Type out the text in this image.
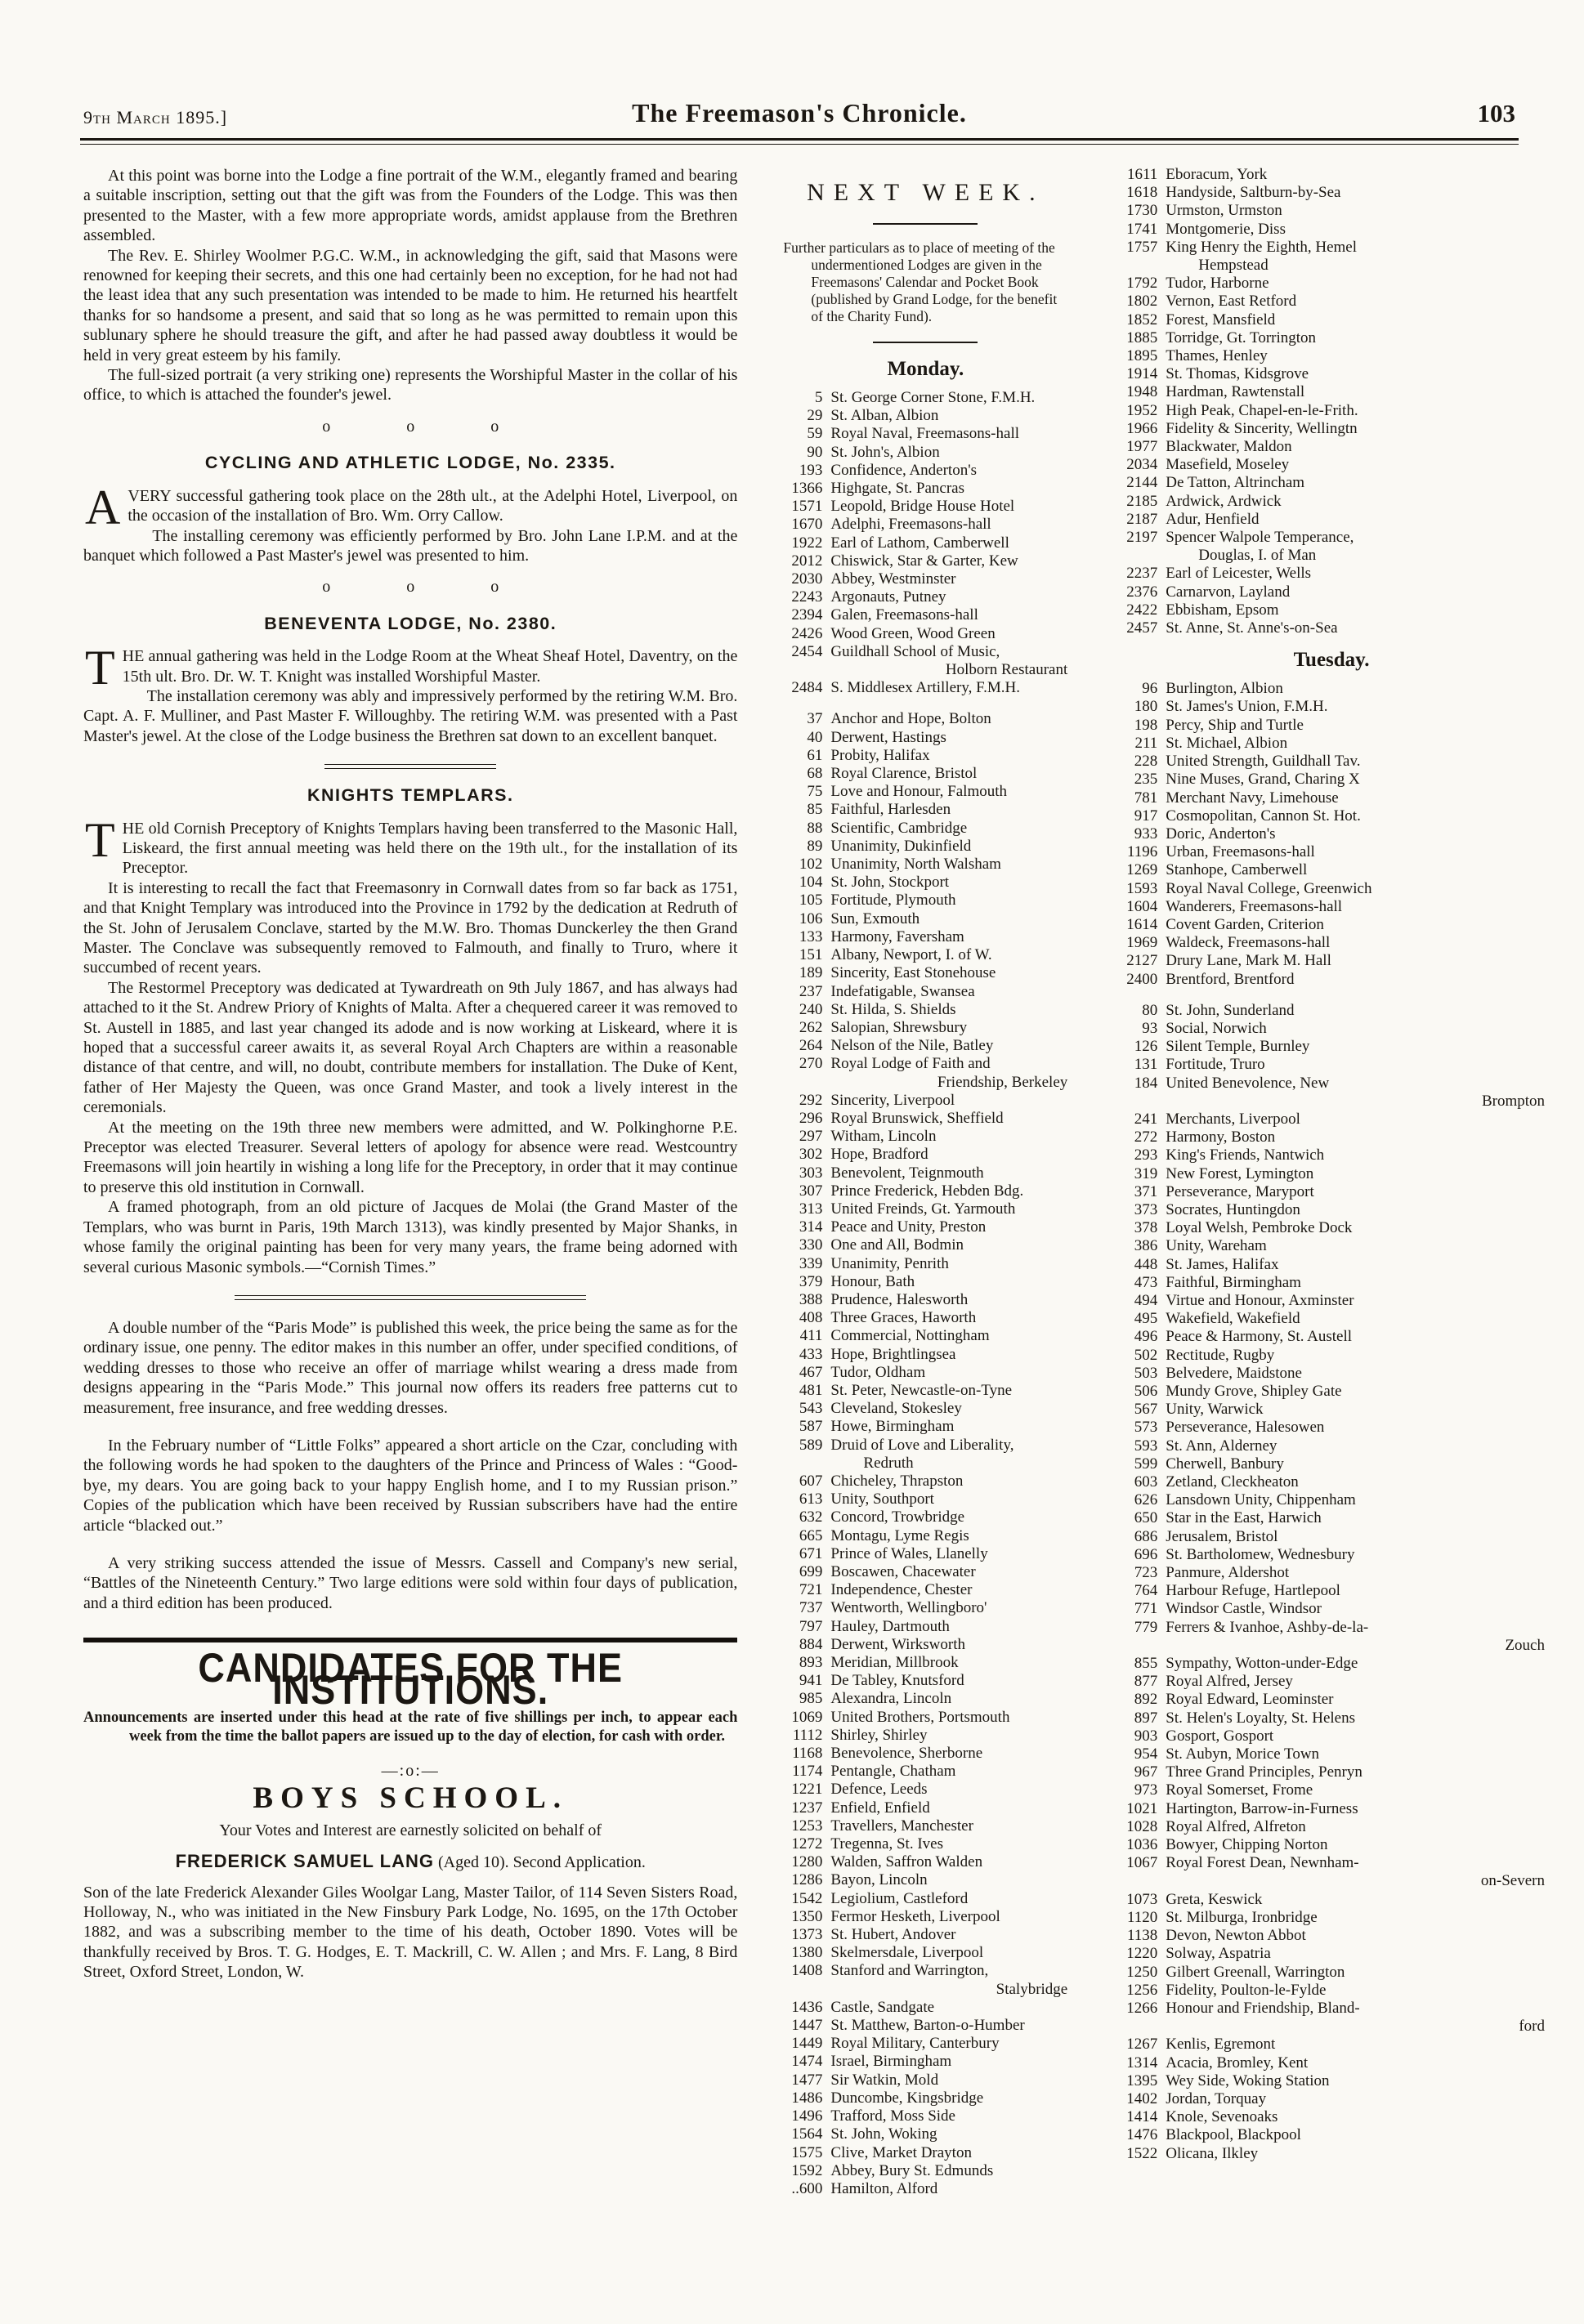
9th March 1895.]	The Freemason's Chronicle.	103
At this point was borne into the Lodge a fine portrait of the W.M., elegantly framed and bearing a suitable inscription, setting out that the gift was from the Founders of the Lodge. This was then presented to the Master, with a few more appropriate words, amidst applause from the Brethren assembled.
The Rev. E. Shirley Woolmer P.G.C. W.M., in acknowledging the gift, said that Masons were renowned for keeping their secrets, and this one had certainly been no exception, for he had not had the least idea that any such presentation was intended to be made to him. He returned his heartfelt thanks for so handsome a present, and said that so long as he was permitted to remain upon this sublunary sphere he should treasure the gift, and after he had passed away doubtless it would be held in very great esteem by his family.
The full-sized portrait (a very striking one) represents the Worshipful Master in the collar of his office, to which is attached the founder's jewel.
o o o
CYCLING AND ATHLETIC LODGE, No. 2335.
AVERY successful gathering took place on the 28th ult., at the Adelphi Hotel, Liverpool, on the occasion of the installation of Bro. Wm. Orry Callow.
The installing ceremony was efficiently performed by Bro. John Lane I.P.M. and at the banquet which followed a Past Master's jewel was presented to him.
o o o
BENEVENTA LODGE, No. 2380.
THE annual gathering was held in the Lodge Room at the Wheat Sheaf Hotel, Daventry, on the 15th ult. Bro. Dr. W. T. Knight was installed Worshipful Master.
The installation ceremony was ably and impressively performed by the retiring W.M. Bro. Capt. A. F. Mulliner, and Past Master F. Willoughby. The retiring W.M. was presented with a Past Master's jewel. At the close of the Lodge business the Brethren sat down to an excellent banquet.
KNIGHTS TEMPLARS.
THE old Cornish Preceptory of Knights Templars having been transferred to the Masonic Hall, Liskeard, the first annual meeting was held there on the 19th ult., for the installation of its Preceptor.
It is interesting to recall the fact that Freemasonry in Cornwall dates from so far back as 1751, and that Knight Templary was introduced into the Province in 1792 by the dedication at Redruth of the St. John of Jerusalem Conclave, started by the M.W. Bro. Thomas Dunckerley the then Grand Master. The Conclave was subsequently removed to Falmouth, and finally to Truro, where it succumbed of recent years.
The Restormel Preceptory was dedicated at Tywardreath on 9th July 1867, and has always had attached to it the St. Andrew Priory of Knights of Malta. After a chequered career it was removed to St. Austell in 1885, and last year changed its adode and is now working at Liskeard, where it is hoped that a successful career awaits it, as several Royal Arch Chapters are within a reasonable distance of that centre, and will, no doubt, contribute members for installation. The Duke of Kent, father of Her Majesty the Queen, was once Grand Master, and took a lively interest in the ceremonials.
At the meeting on the 19th three new members were admitted, and W. Polkinghorne P.E. Preceptor was elected Treasurer. Several letters of apology for absence were read. Westcountry Freemasons will join heartily in wishing a long life for the Preceptory, in order that it may continue to preserve this old institution in Cornwall.
A framed photograph, from an old picture of Jacques de Molai (the Grand Master of the Templars, who was burnt in Paris, 19th March 1313), was kindly presented by Major Shanks, in whose family the original painting has been for very many years, the frame being adorned with several curious Masonic symbols.—“Cornish Times.”
A double number of the “Paris Mode” is published this week, the price being the same as for the ordinary issue, one penny. The editor makes in this number an offer, under specified conditions, of wedding dresses to those who receive an offer of marriage whilst wearing a dress made from designs appearing in the “Paris Mode.” This journal now offers its readers free patterns cut to measurement, free insurance, and free wedding dresses.
In the February number of “Little Folks” appeared a short article on the Czar, concluding with the following words he had spoken to the daughters of the Prince and Princess of Wales : “Good-bye, my dears. You are going back to your happy English home, and I to my Russian prison.” Copies of the publication which have been received by Russian subscribers have had the entire article “blacked out.”
A very striking success attended the issue of Messrs. Cassell and Company's new serial, “Battles of the Nineteenth Century.” Two large editions were sold within four days of publication, and a third edition has been produced.
CANDIDATES FOR THE INSTITUTIONS.
Announcements are inserted under this head at the rate of five shillings per inch, to appear each week from the time the ballot papers are issued up to the day of election, for cash with order.
—:o:—
BOYS SCHOOL.
Your Votes and Interest are earnestly solicited on behalf of
FREDERICK SAMUEL LANG (Aged 10). Second Application.
Son of the late Frederick Alexander Giles Woolgar Lang, Master Tailor, of 114 Seven Sisters Road, Holloway, N., who was initiated in the New Finsbury Park Lodge, No. 1695, on the 17th October 1882, and was a subscribing member to the time of his death, October 1890. Votes will be thankfully received by Bros. T. G. Hodges, E. T. Mackrill, C. W. Allen ; and Mrs. F. Lang, 8 Bird Street, Oxford Street, London, W.
NEXT WEEK.
Further particulars as to place of meeting of the undermentioned Lodges are given in the Freemasons' Calendar and Pocket Book (published by Grand Lodge, for the benefit of the Charity Fund).
Monday.
5 St. George Corner Stone, F.M.H.
29 St. Alban, Albion
59 Royal Naval, Freemasons-hall
90 St. John's, Albion
193 Confidence, Anderton's
1366 Highgate, St. Pancras
1571 Leopold, Bridge House Hotel
1670 Adelphi, Freemasons-hall
1922 Earl of Lathom, Camberwell
2012 Chiswick, Star & Garter, Kew
2030 Abbey, Westminster
2243 Argonauts, Putney
2394 Galen, Freemasons-hall
2426 Wood Green, Wood Green
2454 Guildhall School of Music,
Holborn Restaurant
2484 S. Middlesex Artillery, F.M.H.
37 Anchor and Hope, Bolton
40 Derwent, Hastings
61 Probity, Halifax
68 Royal Clarence, Bristol
75 Love and Honour, Falmouth
85 Faithful, Harlesden
88 Scientific, Cambridge
89 Unanimity, Dukinfield
102 Unanimity, North Walsham
104 St. John, Stockport
105 Fortitude, Plymouth
106 Sun, Exmouth
133 Harmony, Faversham
151 Albany, Newport, I. of W.
189 Sincerity, East Stonehouse
237 Indefatigable, Swansea
240 St. Hilda, S. Shields
262 Salopian, Shrewsbury
264 Nelson of the Nile, Batley
270 Royal Lodge of Faith and
Friendship, Berkeley
292 Sincerity, Liverpool
296 Royal Brunswick, Sheffield
297 Witham, Lincoln
302 Hope, Bradford
303 Benevolent, Teignmouth
307 Prince Frederick, Hebden Bdg.
313 United Freinds, Gt. Yarmouth
314 Peace and Unity, Preston
330 One and All, Bodmin
339 Unanimity, Penrith
379 Honour, Bath
388 Prudence, Halesworth
408 Three Graces, Haworth
411 Commercial, Nottingham
433 Hope, Brightlingsea
467 Tudor, Oldham
481 St. Peter, Newcastle-on-Tyne
543 Cleveland, Stokesley
587 Howe, Birmingham
589 Druid of Love and Liberality,
Redruth
607 Chicheley, Thrapston
613 Unity, Southport
632 Concord, Trowbridge
665 Montagu, Lyme Regis
671 Prince of Wales, Llanelly
699 Boscawen, Chacewater
721 Independence, Chester
737 Wentworth, Wellingboro'
797 Hauley, Dartmouth
884 Derwent, Wirksworth
893 Meridian, Millbrook
941 De Tabley, Knutsford
985 Alexandra, Lincoln
1069 United Brothers, Portsmouth
1112 Shirley, Shirley
1168 Benevolence, Sherborne
1174 Pentangle, Chatham
1221 Defence, Leeds
1237 Enfield, Enfield
1253 Travellers, Manchester
1272 Tregenna, St. Ives
1280 Walden, Saffron Walden
1286 Bayon, Lincoln
1542 Legiolium, Castleford
1350 Fermor Hesketh, Liverpool
1373 St. Hubert, Andover
1380 Skelmersdale, Liverpool
1408 Stanford and Warrington,
Stalybridge
1436 Castle, Sandgate
1447 St. Matthew, Barton-o-Humber
1449 Royal Military, Canterbury
1474 Israel, Birmingham
1477 Sir Watkin, Mold
1486 Duncombe, Kingsbridge
1496 Trafford, Moss Side
1564 St. John, Woking
1575 Clive, Market Drayton
1592 Abbey, Bury St. Edmunds
..600 Hamilton, Alford
1611 Eboracum, York
1618 Handyside, Saltburn-by-Sea
1730 Urmston, Urmston
1741 Montgomerie, Diss
1757 King Henry the Eighth, Hemel
Hempstead
1792 Tudor, Harborne
1802 Vernon, East Retford
1852 Forest, Mansfield
1885 Torridge, Gt. Torrington
1895 Thames, Henley
1914 St. Thomas, Kidsgrove
1948 Hardman, Rawtenstall
1952 High Peak, Chapel-en-le-Frith.
1966 Fidelity & Sincerity, Wellingtn
1977 Blackwater, Maldon
2034 Masefield, Moseley
2144 De Tatton, Altrincham
2185 Ardwick, Ardwick
2187 Adur, Henfield
2197 Spencer Walpole Temperance,
Douglas, I. of Man
2237 Earl of Leicester, Wells
2376 Carnarvon, Layland
2422 Ebbisham, Epsom
2457 St. Anne, St. Anne's-on-Sea
Tuesday.
96 Burlington, Albion
180 St. James's Union, F.M.H.
198 Percy, Ship and Turtle
211 St. Michael, Albion
228 United Strength, Guildhall Tav.
235 Nine Muses, Grand, Charing X
781 Merchant Navy, Limehouse
917 Cosmopolitan, Cannon St. Hot.
933 Doric, Anderton's
1196 Urban, Freemasons-hall
1269 Stanhope, Camberwell
1593 Royal Naval College, Greenwich
1604 Wanderers, Freemasons-hall
1614 Covent Garden, Criterion
1969 Waldeck, Freemasons-hall
2127 Drury Lane, Mark M. Hall
2400 Brentford, Brentford
80 St. John, Sunderland
93 Social, Norwich
126 Silent Temple, Burnley
131 Fortitude, Truro
184 United Benevolence, New
Brompton
241 Merchants, Liverpool
272 Harmony, Boston
293 King's Friends, Nantwich
319 New Forest, Lymington
371 Perseverance, Maryport
373 Socrates, Huntingdon
378 Loyal Welsh, Pembroke Dock
386 Unity, Wareham
448 St. James, Halifax
473 Faithful, Birmingham
494 Virtue and Honour, Axminster
495 Wakefield, Wakefield
496 Peace & Harmony, St. Austell
502 Rectitude, Rugby
503 Belvedere, Maidstone
506 Mundy Grove, Shipley Gate
567 Unity, Warwick
573 Perseverance, Halesowen
593 St. Ann, Alderney
599 Cherwell, Banbury
603 Zetland, Cleckheaton
626 Lansdown Unity, Chippenham
650 Star in the East, Harwich
686 Jerusalem, Bristol
696 St. Bartholomew, Wednesbury
723 Panmure, Aldershot
764 Harbour Refuge, Hartlepool
771 Windsor Castle, Windsor
779 Ferrers & Ivanhoe, Ashby-de-la-
Zouch
855 Sympathy, Wotton-under-Edge
877 Royal Alfred, Jersey
892 Royal Edward, Leominster
897 St. Helen's Loyalty, St. Helens
903 Gosport, Gosport
954 St. Aubyn, Morice Town
967 Three Grand Principles, Penryn
973 Royal Somerset, Frome
1021 Hartington, Barrow-in-Furness
1028 Royal Alfred, Alfreton
1036 Bowyer, Chipping Norton
1067 Royal Forest Dean, Newnham-
on-Severn
1073 Greta, Keswick
1120 St. Milburga, Ironbridge
1138 Devon, Newton Abbot
1220 Solway, Aspatria
1250 Gilbert Greenall, Warrington
1256 Fidelity, Poulton-le-Fylde
1266 Honour and Friendship, Bland-
ford
1267 Kenlis, Egremont
1314 Acacia, Bromley, Kent
1395 Wey Side, Woking Station
1402 Jordan, Torquay
1414 Knole, Sevenoaks
1476 Blackpool, Blackpool
1522 Olicana, Ilkley
